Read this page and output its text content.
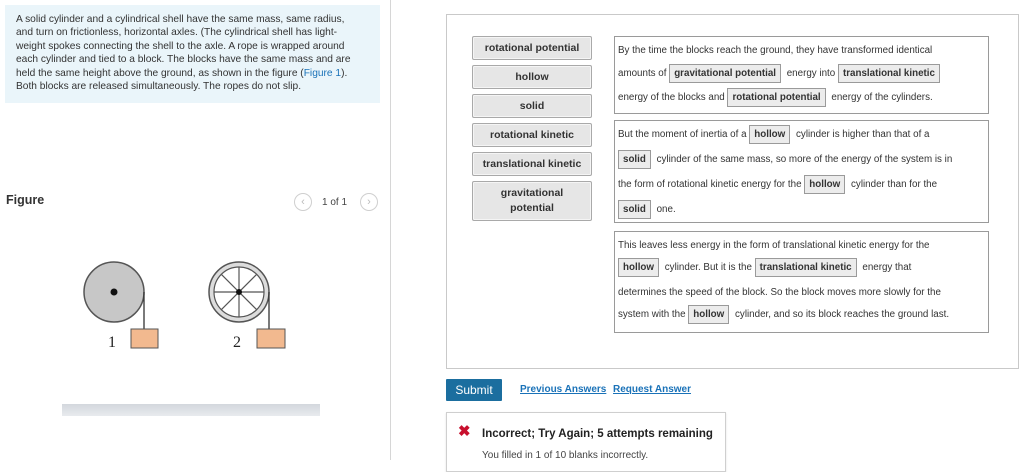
A solid cylinder and a cylindrical shell have the same mass, same radius,
and turn on frictionless, horizontal axles. (The cylindrical shell has light-
weight spokes connecting the shell to the axle. A rope is wrapped around
each cylinder and tied to a block. The blocks have the same mass and are
held the same height above the ground, as shown in the figure (Figure 1).
Both blocks are released simultaneously. The ropes do not slip.
Figure	‹ 1 of 1 ›
1	2
rotational potential
hollow
solid
rotational kinetic
translational kinetic
gravitational potential
By the time the blocks reach the ground, they have transformed identical
amounts of gravitational potential energy into translational kinetic
energy of the blocks and rotational potential energy of the cylinders.
But the moment of inertia of a hollow cylinder is higher than that of a
solid cylinder of the same mass, so more of the energy of the system is in
the form of rotational kinetic energy for the hollow cylinder than for the
solid one.
This leaves less energy in the form of translational kinetic energy for the
hollow cylinder. But it is the translational kinetic energy that
determines the speed of the block. So the block moves more slowly for the
system with the hollow cylinder, and so its block reaches the ground last.
Submit	Previous Answers Request Answer
✖ Incorrect; Try Again; 5 attempts remaining
You filled in 1 of 10 blanks incorrectly.
